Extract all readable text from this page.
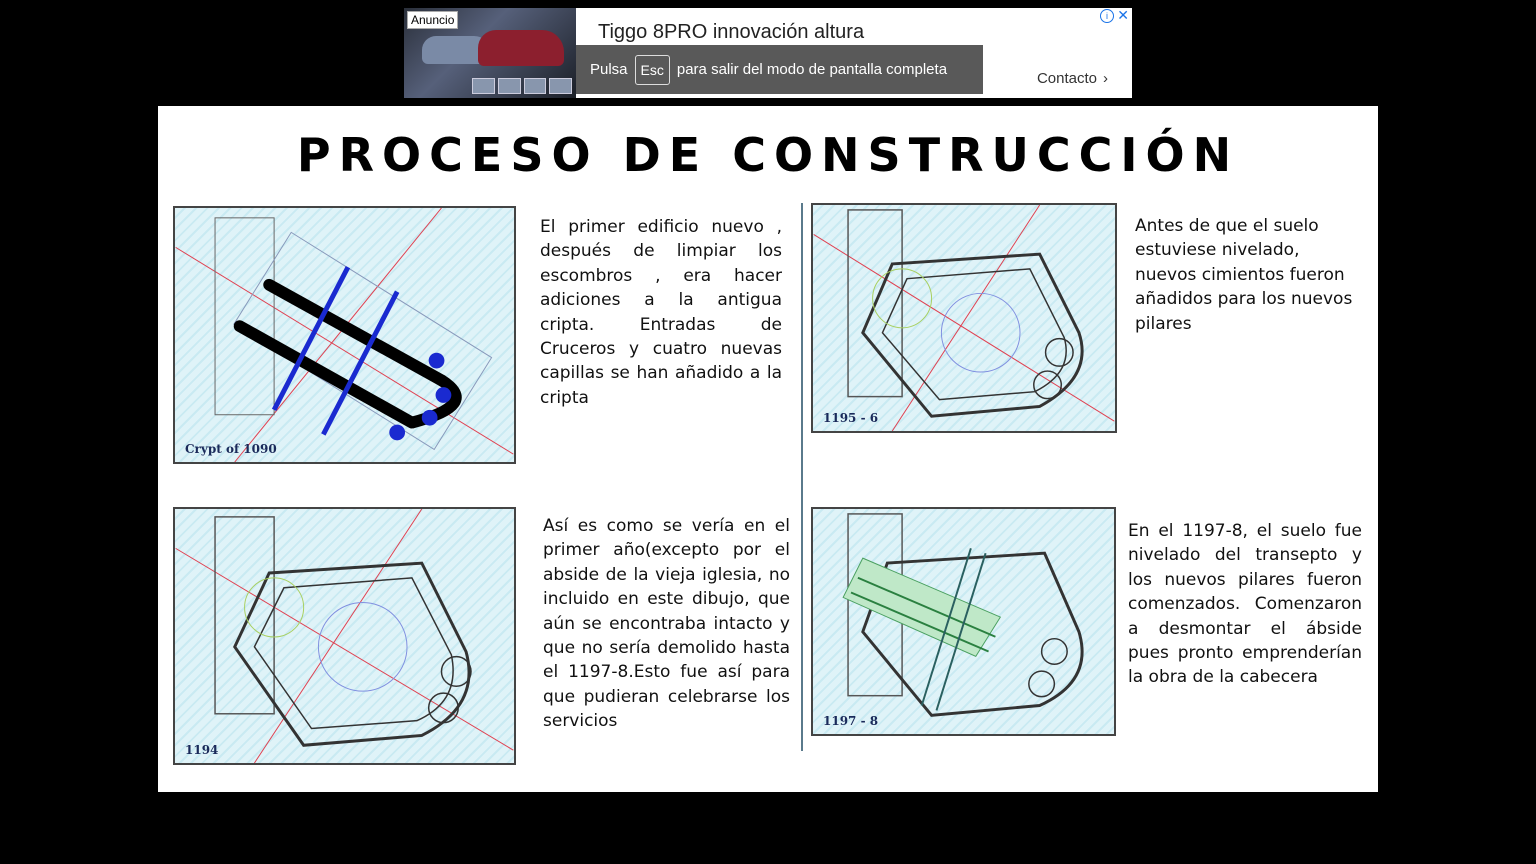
Anuncio
Tiggo 8PRO innovación altura
i ✕
Contacto ›
Pulsa Esc para salir del modo de pantalla completa
PROCESO DE CONSTRUCCIÓN
Crypt of 1090
El primer edificio nuevo , después de limpiar los escombros , era hacer adiciones a la antigua cripta. Entradas de Cruceros y cuatro nuevas capillas se han añadido a la cripta
1195 - 6
Antes de que el suelo estuviese nivelado, nuevos cimientos fueron añadidos para los nuevos pilares
1194
Así es como se vería en el primer año(excepto por el abside de la vieja iglesia, no incluido en este dibujo, que aún se encontraba intacto y que no sería demolido hasta el 1197-8.Esto fue así para que pudieran celebrarse los servicios	1197 - 8
En el 1197-8, el suelo fue nivelado del transepto y los nuevos pilares fueron comenzados. Comenzaron a desmontar el ábside pues pronto emprenderían la obra de la cabecera
